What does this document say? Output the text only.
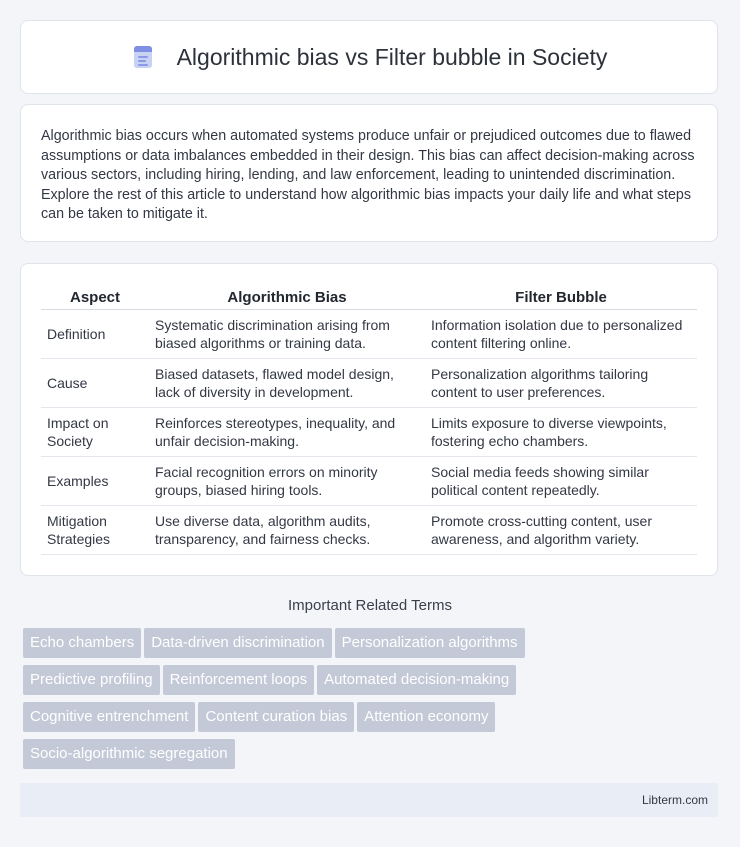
Algorithmic bias vs Filter bubble in Society

Algorithmic bias occurs when automated systems produce unfair or prejudiced outcomes due to flawed assumptions or data imbalances embedded in their design. This bias can affect decision-making across various sectors, including hiring, lending, and law enforcement, leading to unintended discrimination. Explore the rest of this article to understand how algorithmic bias impacts your daily life and what steps can be taken to mitigate it.

Aspect	Algorithmic Bias	Filter Bubble
Definition	Systematic discrimination arising from biased algorithms or training data.	Information isolation due to personalized content filtering online.
Cause	Biased datasets, flawed model design, lack of diversity in development.	Personalization algorithms tailoring content to user preferences.
Impact on Society	Reinforces stereotypes, inequality, and unfair decision-making.	Limits exposure to diverse viewpoints, fostering echo chambers.
Examples	Facial recognition errors on minority groups, biased hiring tools.	Social media feeds showing similar political content repeatedly.
Mitigation Strategies	Use diverse data, algorithm audits, transparency, and fairness checks.	Promote cross-cutting content, user awareness, and algorithm variety.
Important Related Terms
Echo chambers Data-driven discrimination Personalization algorithms
Predictive profiling Reinforcement loops Automated decision-making
Cognitive entrenchment Content curation bias Attention economy
Socio-algorithmic segregation
Libterm.com
